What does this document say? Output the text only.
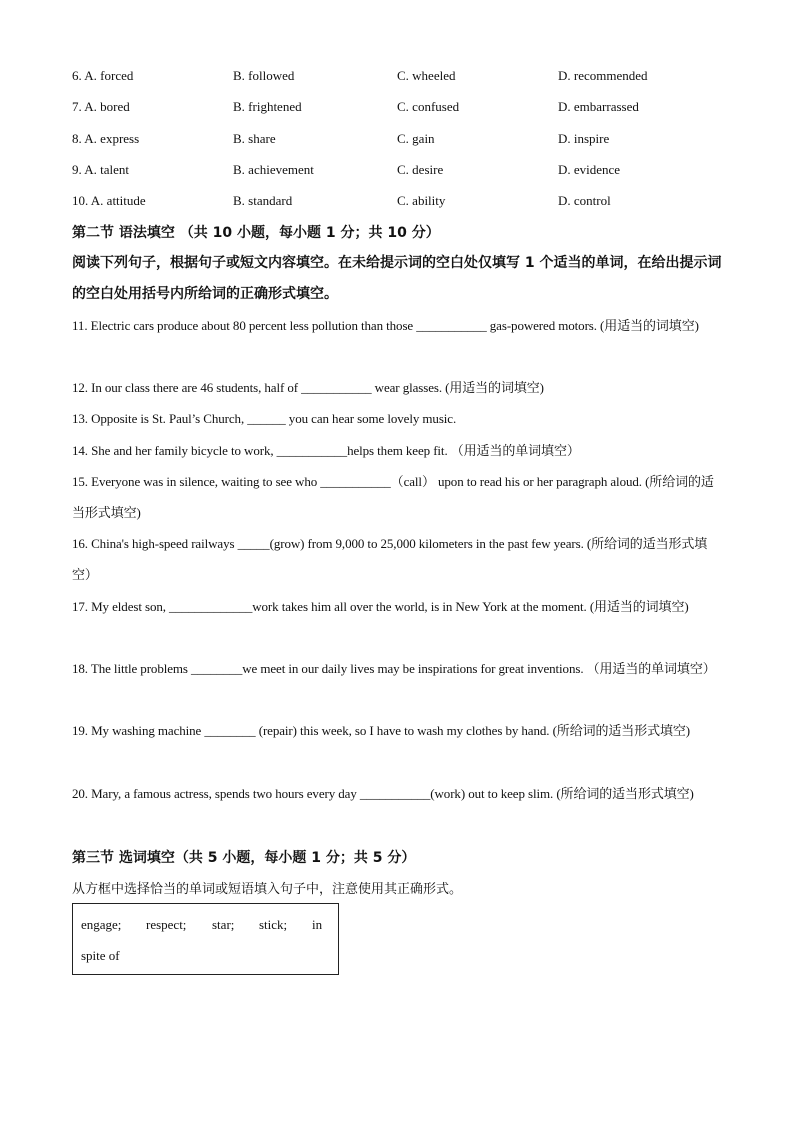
6. A. forced	B. followed	C. wheeled	D. recommended
7. A. bored	B. frightened	C. confused	D. embarrassed
8. A. express	B. share	C. gain	D. inspire
9. A. talent	B. achievement	C. desire	D. evidence
10. A. attitude	B. standard	C. ability	D. control
第二节 语法填空 （共 10 小题，每小题 1 分；共 10 分）
阅读下列句子，根据句子或短文内容填空。在未给提示词的空白处仅填写 1 个适当的单词，在给出提示词的空白处用括号内所给词的正确形式填空。
11. Electric cars produce about 80 percent less pollution than those ___________ gas-powered motors. (用适当的词填空)
12. In our class there are 46 students, half of ___________ wear glasses. (用适当的词填空)
13. Opposite is St. Paul’s Church, ______ you can hear some lovely music.
14. She and her family bicycle to work, ___________helps them keep fit. （用适当的单词填空）
15. Everyone was in silence, waiting to see who ___________（call） upon to read his or her paragraph aloud. (所给词的适当形式填空)
16. China's high-speed railways _____(grow) from 9,000 to 25,000 kilometers in the past few years. (所给词的适当形式填空）
17. My eldest son, _____________work takes him all over the world, is in New York at the moment. (用适当的词填空)
18. The little problems ________we meet in our daily lives may be inspirations for great inventions. （用适当的单词填空）
19. My washing machine ________ (repair) this week, so I have to wash my clothes by hand. (所给词的适当形式填空)
20. Mary, a famous actress, spends two hours every day ___________(work) out to keep slim. (所给词的适当形式填空)
第三节 选词填空（共 5 小题，每小题 1 分；共 5 分）
从方框中选择恰当的单词或短语填入句子中，注意使用其正确形式。
engage; respect; star; stick; in
spite of
